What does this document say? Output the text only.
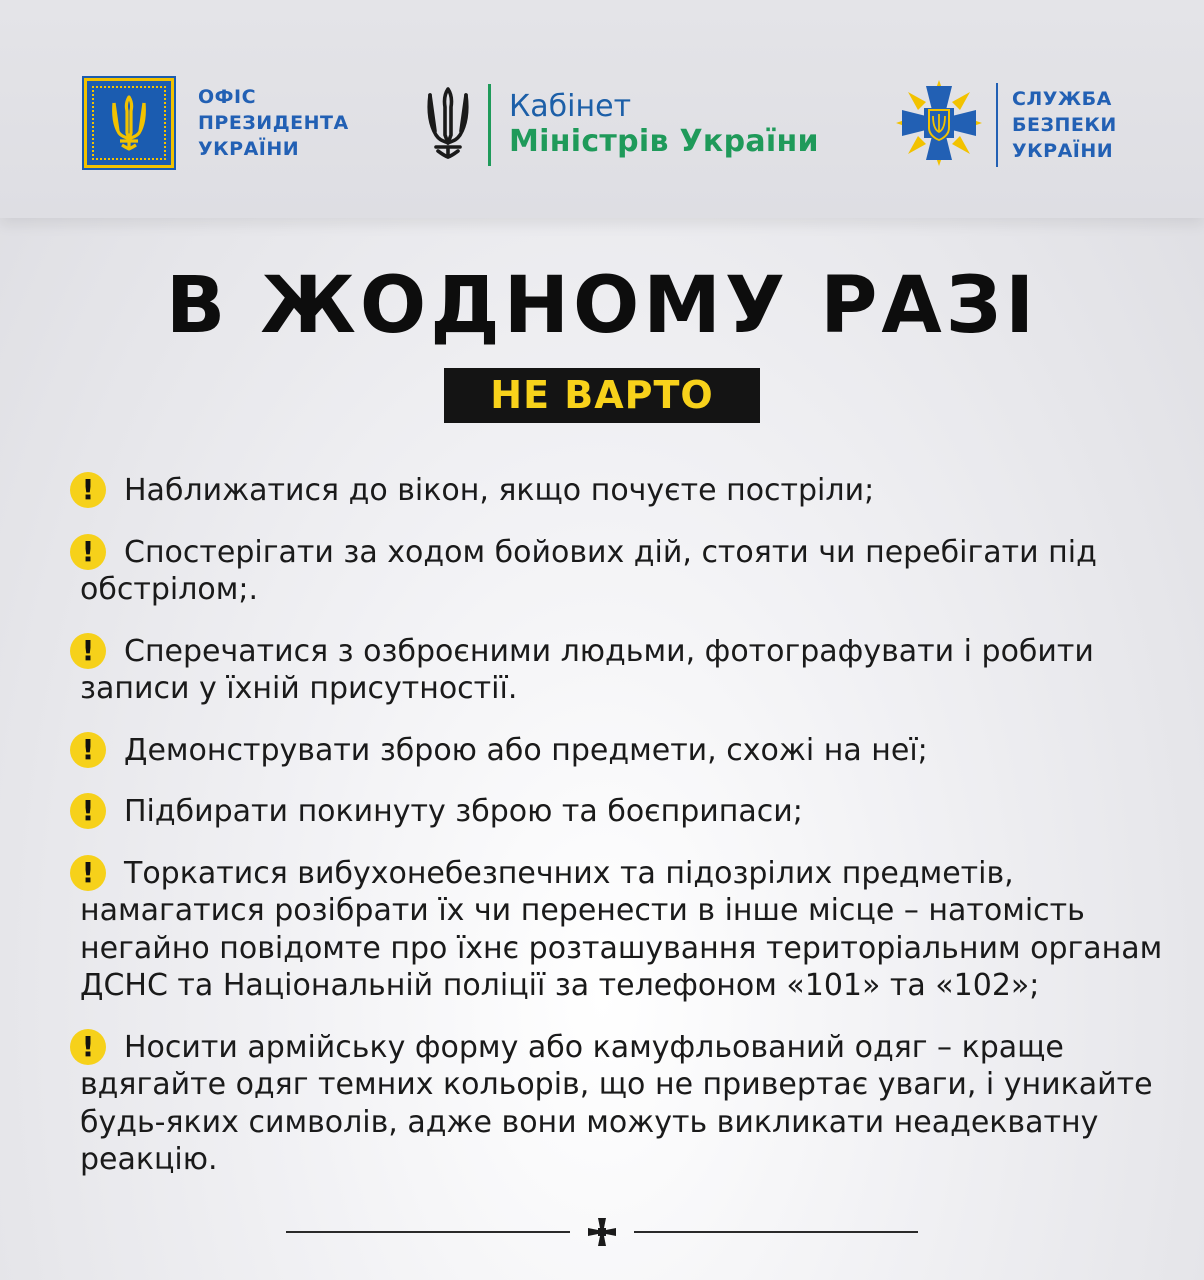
ОФІС
ПРЕЗИДЕНТА
УКРАЇНИ
Кабінет
Міністрів України
СЛУЖБА
БЕЗПЕКИ
УКРАЇНИ
В ЖОДНОМУ РАЗІ
НЕ ВАРТО
! Наближатися до вікон, якщо почуєте постріли;
! Спостерігати за ходом бойових дій, стояти чи перебігати під обстрілом;.
! Сперечатися з озброєними людьми, фотографувати і робити записи у їхній присутностії.
! Демонструвати зброю або предмети, схожі на неї;
! Підбирати покинуту зброю та боєприпаси;
! Торкатися вибухонебезпечних та підозрілих предметів, намагатися розібрати їх чи перенести в інше місце – натомість негайно повідомте про їхнє розташування територіальним органам ДСНС та Національній поліції за телефоном «101» та «102»;
! Носити армійську форму або камуфльований одяг – краще вдягайте одяг темних кольорів, що не привертає уваги, і уникайте будь-яких символів, адже вони можуть викликати неадекватну реакцію.
